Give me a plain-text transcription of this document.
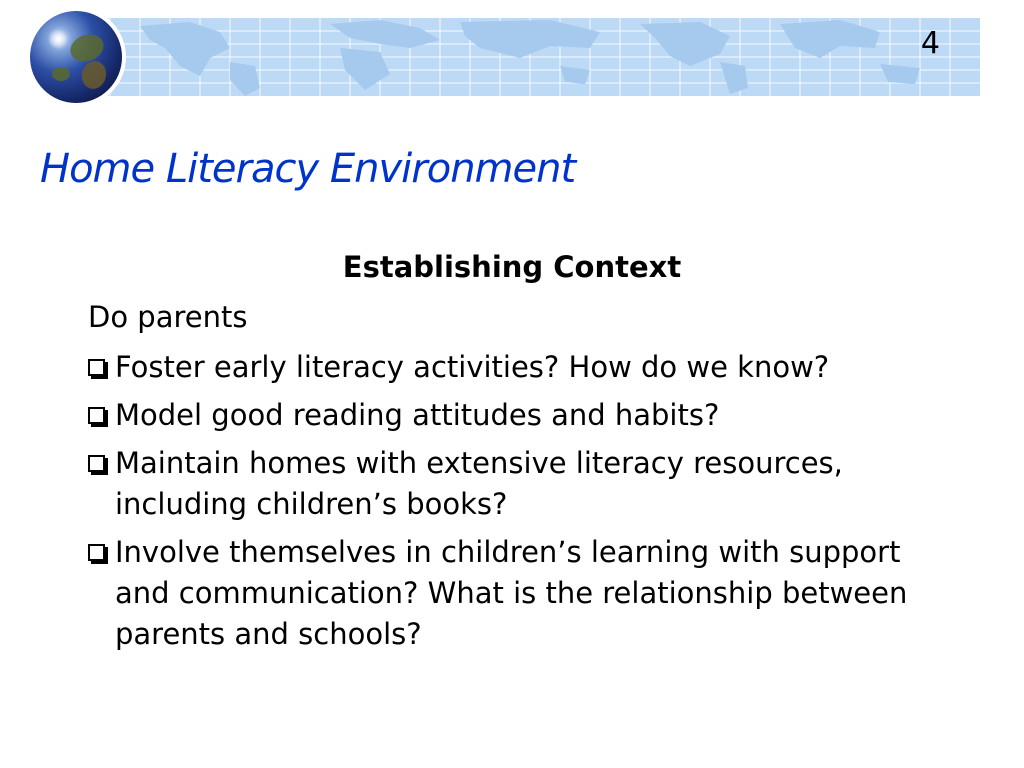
4
Home Literacy Environment
Establishing Context
Do parents
Foster early literacy activities? How do we know?
Model good reading attitudes and habits?
Maintain homes with extensive literacy resources, including children’s books?
Involve themselves in children’s learning with support and communication? What is the relationship between parents and schools?
